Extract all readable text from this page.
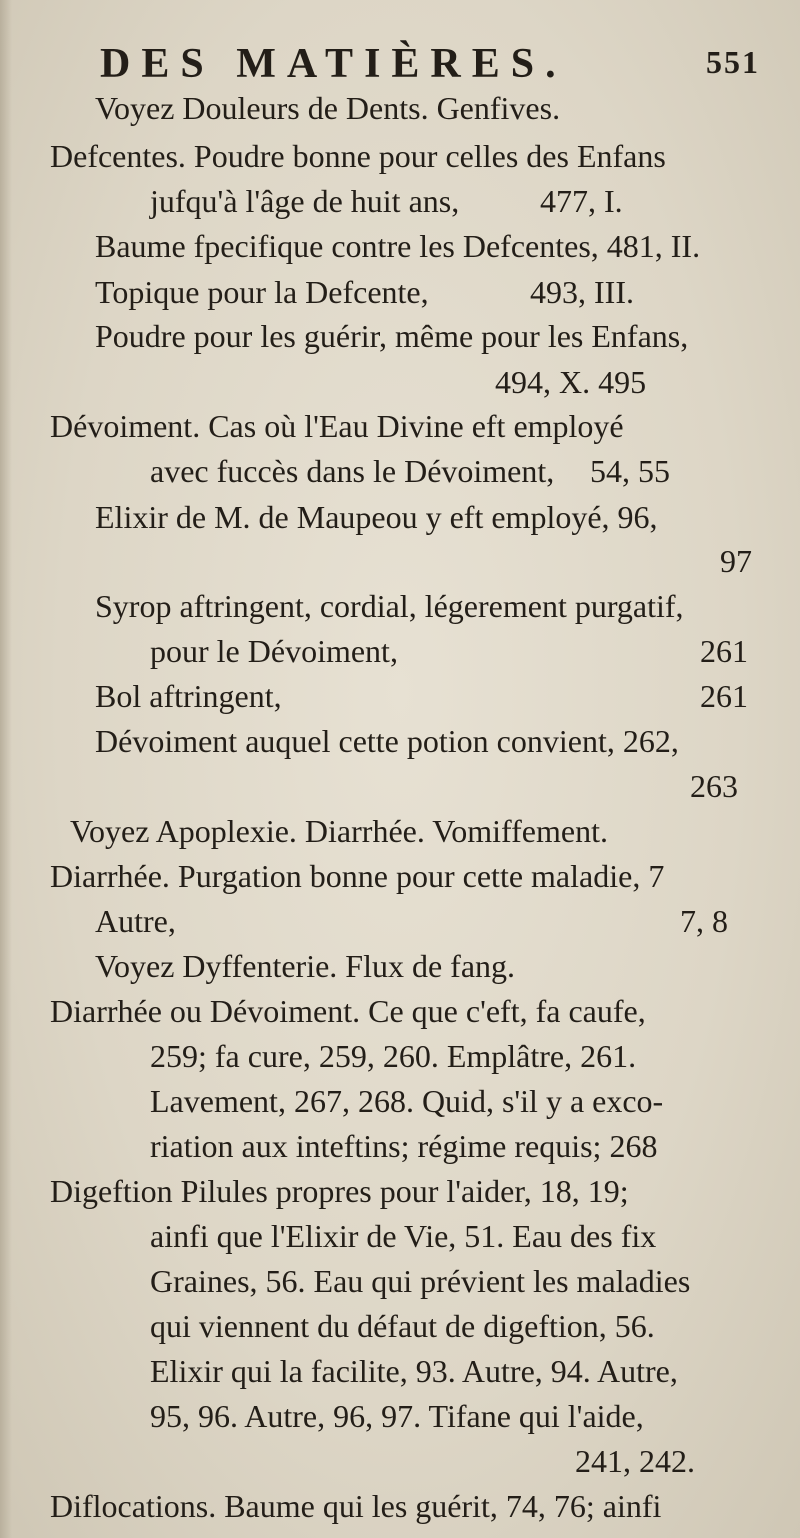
DES MATIÈRES.	551
Voyez Douleurs de Dents. Genfives.
Defcentes. Poudre bonne pour celles des Enfans
jufqu'à l'âge de huit ans,	477, I.
Baume fpecifique contre les Defcentes, 481, II.
Topique pour la Defcente,	493, III.
Poudre pour les guérir, même pour les Enfans,
494, X. 495
Dévoiment. Cas où l'Eau Divine eft employé
avec fuccès dans le Dévoiment, 54, 55
Elixir de M. de Maupeou y eft employé, 96,
97
Syrop aftringent, cordial, légerement purgatif,
pour le Dévoiment,	261
Bol aftringent,	261
Dévoiment auquel cette potion convient, 262,
263
Voyez Apoplexie. Diarrhée. Vomiffement.
Diarrhée. Purgation bonne pour cette maladie, 7
Autre,	7, 8
Voyez Dyffenterie. Flux de fang.
Diarrhée ou Dévoiment. Ce que c'eft, fa caufe,
259; fa cure, 259, 260. Emplâtre, 261.
Lavement, 267, 268. Quid, s'il y a exco-
riation aux inteftins; régime requis; 268
Digeftion Pilules propres pour l'aider, 18, 19;
ainfi que l'Elixir de Vie, 51. Eau des fix
Graines, 56. Eau qui prévient les maladies
qui viennent du défaut de digeftion, 56.
Elixir qui la facilite, 93. Autre, 94. Autre,
95, 96. Autre, 96, 97. Tifane qui l'aide,
241, 242.
Diflocations. Baume qui les guérit, 74, 76; ainfi
